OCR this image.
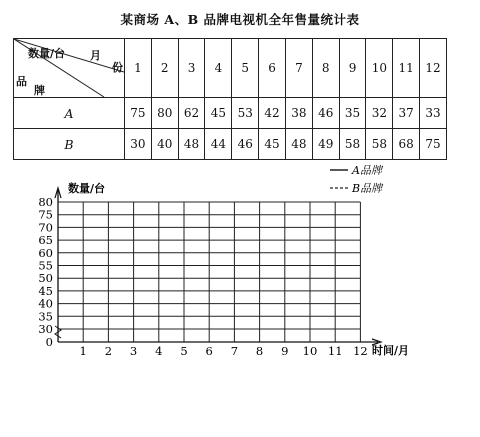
某商场 A、B 品牌电视机全年售量统计表
数量/台 月
份
品
牌	1	2	3	4	5	6	7	8	9	10	11	12
A	75	80	62	45	53	42	38	46	35	32	37	33
B	30	40	48	44	46	45	48	49	58	58	68	75
80
75
70
65
60
55
50
45
40
35
30
0
1 2 3 4 5 6 7 8 9 10 11 12
数量/台
时间/月
A品牌
B品牌
